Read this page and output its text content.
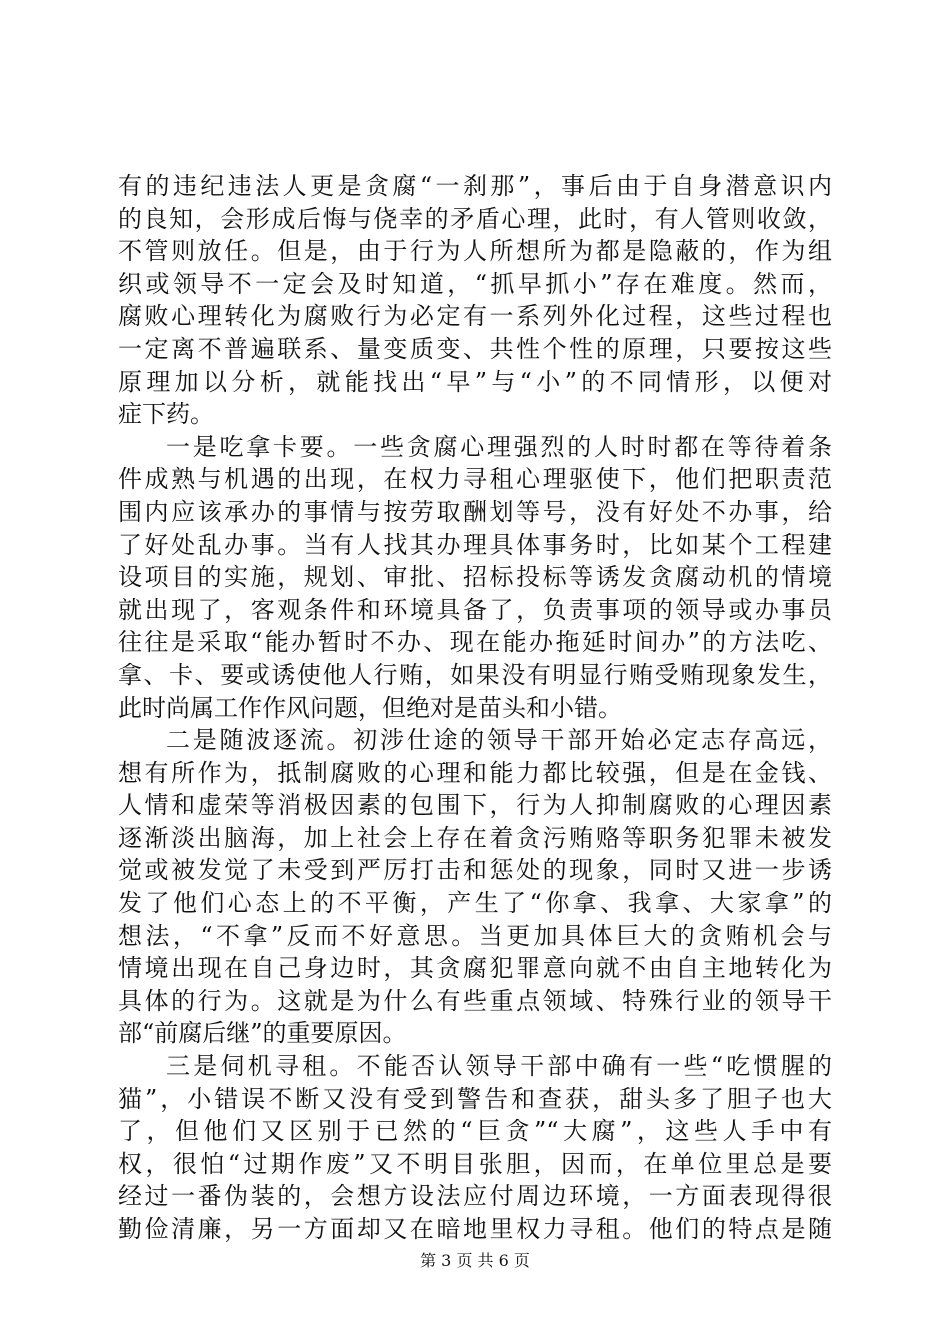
有的违纪违法人更是贪腐“一刹那”，事后由于自身潜意识内
的良知，会形成后悔与侥幸的矛盾心理，此时，有人管则收敛，
不管则放任。但是，由于行为人所想所为都是隐蔽的，作为组
织或领导不一定会及时知道，“抓早抓小”存在难度。然而，
腐败心理转化为腐败行为必定有一系列外化过程，这些过程也
一定离不普遍联系、量变质变、共性个性的原理，只要按这些
原理加以分析，就能找出“早”与“小”的不同情形，以便对
症下药。
一是吃拿卡要。一些贪腐心理强烈的人时时都在等待着条
件成熟与机遇的出现，在权力寻租心理驱使下，他们把职责范
围内应该承办的事情与按劳取酬划等号，没有好处不办事，给
了好处乱办事。当有人找其办理具体事务时，比如某个工程建
设项目的实施，规划、审批、招标投标等诱发贪腐动机的情境
就出现了，客观条件和环境具备了，负责事项的领导或办事员
往往是采取“能办暂时不办、现在能办拖延时间办”的方法吃、
拿、卡、要或诱使他人行贿，如果没有明显行贿受贿现象发生，
此时尚属工作作风问题，但绝对是苗头和小错。
二是随波逐流。初涉仕途的领导干部开始必定志存高远，
想有所作为，抵制腐败的心理和能力都比较强，但是在金钱、
人情和虚荣等消极因素的包围下，行为人抑制腐败的心理因素
逐渐淡出脑海，加上社会上存在着贪污贿赂等职务犯罪未被发
觉或被发觉了未受到严厉打击和惩处的现象，同时又进一步诱
发了他们心态上的不平衡，产生了“你拿、我拿、大家拿”的
想法，“不拿”反而不好意思。当更加具体巨大的贪贿机会与
情境出现在自己身边时，其贪腐犯罪意向就不由自主地转化为
具体的行为。这就是为什么有些重点领域、特殊行业的领导干
部“前腐后继”的重要原因。
三是伺机寻租。不能否认领导干部中确有一些“吃惯腥的
猫”，小错误不断又没有受到警告和查获，甜头多了胆子也大
了，但他们又区别于已然的“巨贪”“大腐”，这些人手中有
权，很怕“过期作废”又不明目张胆，因而，在单位里总是要
经过一番伪装的，会想方设法应付周边环境，一方面表现得很
勤俭清廉，另一方面却又在暗地里权力寻租。他们的特点是随
第 3 页 共 6 页
